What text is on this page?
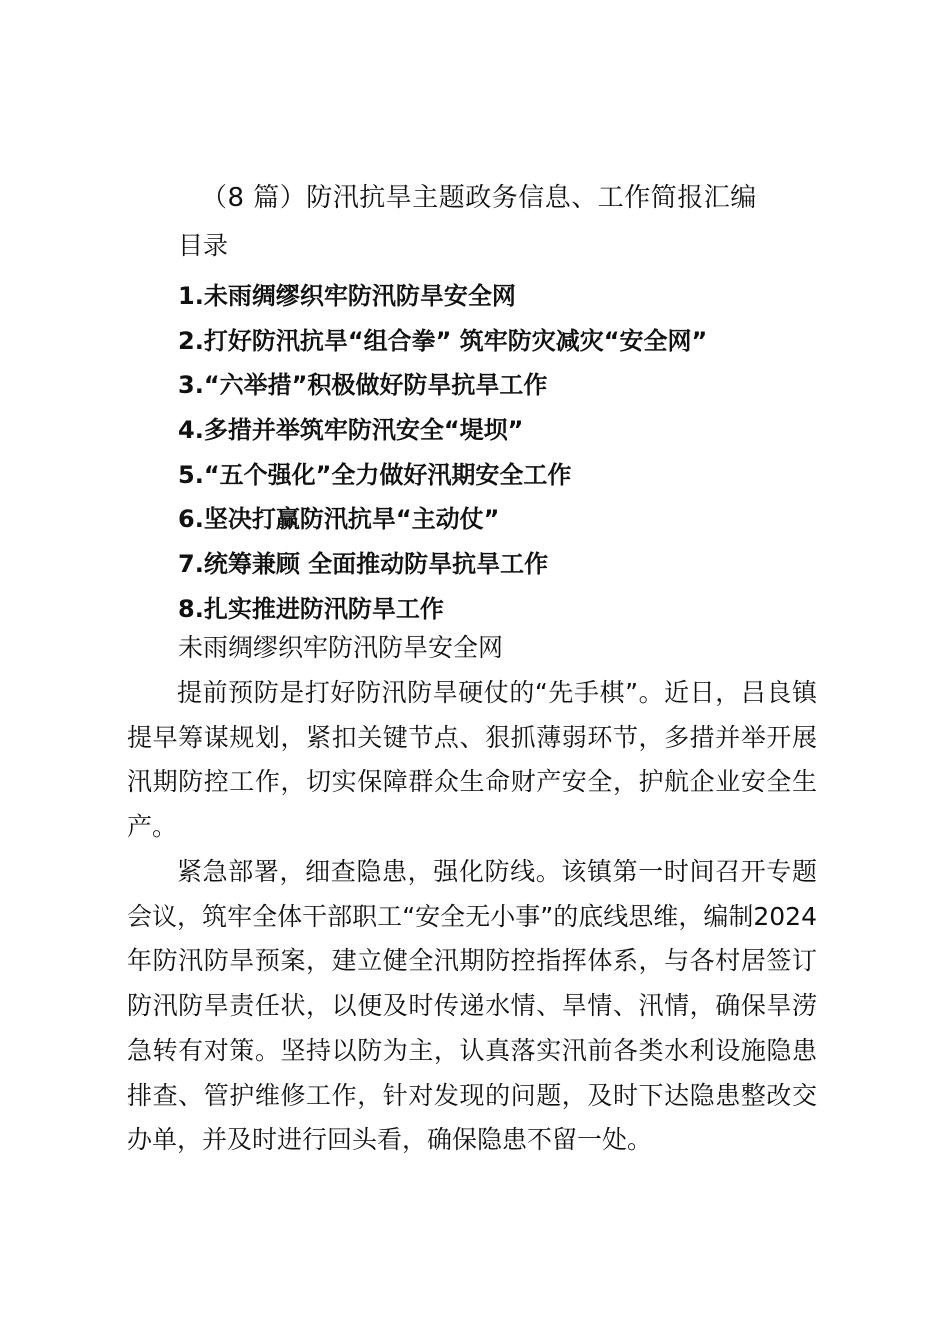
（8 篇）防汛抗旱主题政务信息、工作简报汇编
目录
1.未雨绸缪织牢防汛防旱安全网
2.打好防汛抗旱“组合拳” 筑牢防灾减灾“安全网”
3.“六举措”积极做好防旱抗旱工作
4.多措并举筑牢防汛安全“堤坝”
5.“五个强化”全力做好汛期安全工作
6.坚决打赢防汛抗旱“主动仗”
7.统筹兼顾 全面推动防旱抗旱工作
8.扎实推进防汛防旱工作
未雨绸缪织牢防汛防旱安全网

提前预防是打好防汛防旱硬仗的“先手棋”。近日，吕良镇提早筹谋规划，紧扣关键节点、狠抓薄弱环节，多措并举开展汛期防控工作，切实保障群众生命财产安全，护航企业安全生产。

紧急部署，细查隐患，强化防线。该镇第一时间召开专题会议，筑牢全体干部职工“安全无小事”的底线思维，编制2024 年防汛防旱预案，建立健全汛期防控指挥体系，与各村居签订防汛防旱责任状，以便及时传递水情、旱情、汛情，确保旱涝急转有对策。坚持以防为主，认真落实汛前各类水利设施隐患排查、管护维修工作，针对发现的问题，及时下达隐患整改交办单，并及时进行回头看，确保隐患不留一处。
